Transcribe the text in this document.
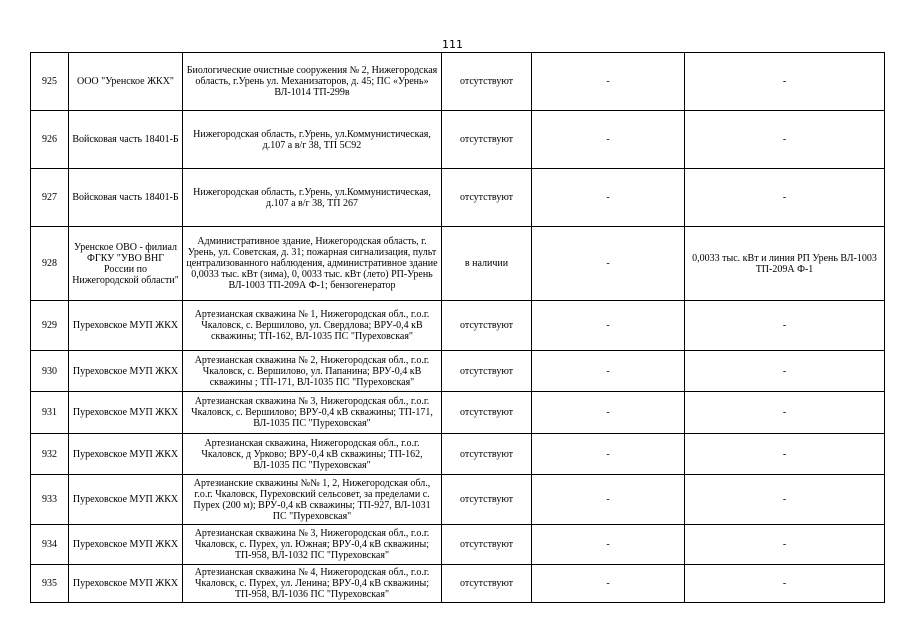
111
925	ООО "Уренское ЖКХ"	Биологические очистные сооружения № 2, Нижегородская область, г.Урень ул. Механизаторов, д. 45; ПС «Урень» ВЛ-1014 ТП-299в	отсутствуют	-	-
926	Войсковая часть 18401-Б	Нижегородская область, г.Урень, ул.Коммунистическая, д.107 а в/г 38, ТП 5С92	отсутствуют	-	-
927	Войсковая часть 18401-Б	Нижегородская область, г.Урень, ул.Коммунистическая, д.107 а в/г 38, ТП 267	отсутствуют	-	-
928	Уренское ОВО - филиал ФГКУ "УВО ВНГ России по Нижегородской области"	Административное здание, Нижегородская область, г. Урень, ул. Советская, д. 31; пожарная сигнализация, пульт централизованного наблюдения, административное здание 0,0033 тыс. кВт (зима), 0, 0033 тыс. кВт (лето) РП-Урень ВЛ-1003 ТП-209А Ф-1; бензогенератор	в наличии	-	0,0033 тыс. кВт и линия РП Урень ВЛ-1003 ТП-209А Ф-1
929	Пуреховское МУП ЖКХ	Артезианская скважина № 1, Нижегородская обл., г.о.г. Чкаловск, с. Вершилово, ул. Свердлова; ВРУ-0,4 кВ скважины; ТП-162, ВЛ-1035 ПС "Пуреховская"	отсутствуют	-	-
930	Пуреховское МУП ЖКХ	Артезианская скважина № 2, Нижегородская обл., г.о.г. Чкаловск, с. Вершилово, ул. Папанина; ВРУ-0,4 кВ скважины ; ТП-171, ВЛ-1035 ПС "Пуреховская"	отсутствуют	-	-
931	Пуреховское МУП ЖКХ	Артезианская скважина № 3, Нижегородская обл., г.о.г. Чкаловск, с. Вершилово; ВРУ-0,4 кВ скважины; ТП-171, ВЛ-1035 ПС "Пуреховская"	отсутствуют	-	-
932	Пуреховское МУП ЖКХ	Артезианская скважина, Нижегородская обл., г.о.г. Чкаловск, д Урково; ВРУ-0,4 кВ скважины; ТП-162, ВЛ-1035 ПС "Пуреховская"	отсутствуют	-	-
933	Пуреховское МУП ЖКХ	Артезианские скважины №№ 1, 2, Нижегородская обл., г.о.г. Чкаловск, Пуреховский сельсовет, за пределами с. Пурех (200 м); ВРУ-0,4 кВ скважины; ТП-927, ВЛ-1031 ПС "Пуреховская"	отсутствуют	-	-
934	Пуреховское МУП ЖКХ	Артезианская скважина № 3, Нижегородская обл., г.о.г. Чкаловск, с. Пурех, ул. Южная; ВРУ-0,4 кВ скважины; ТП-958, ВЛ-1032 ПС "Пуреховская"	отсутствуют	-	-
935	Пуреховское МУП ЖКХ	Артезианская скважина № 4, Нижегородская обл., г.о.г. Чкаловск, с. Пурех, ул. Ленина; ВРУ-0,4 кВ скважины; ТП-958, ВЛ-1036 ПС "Пуреховская"	отсутствуют	-	-
